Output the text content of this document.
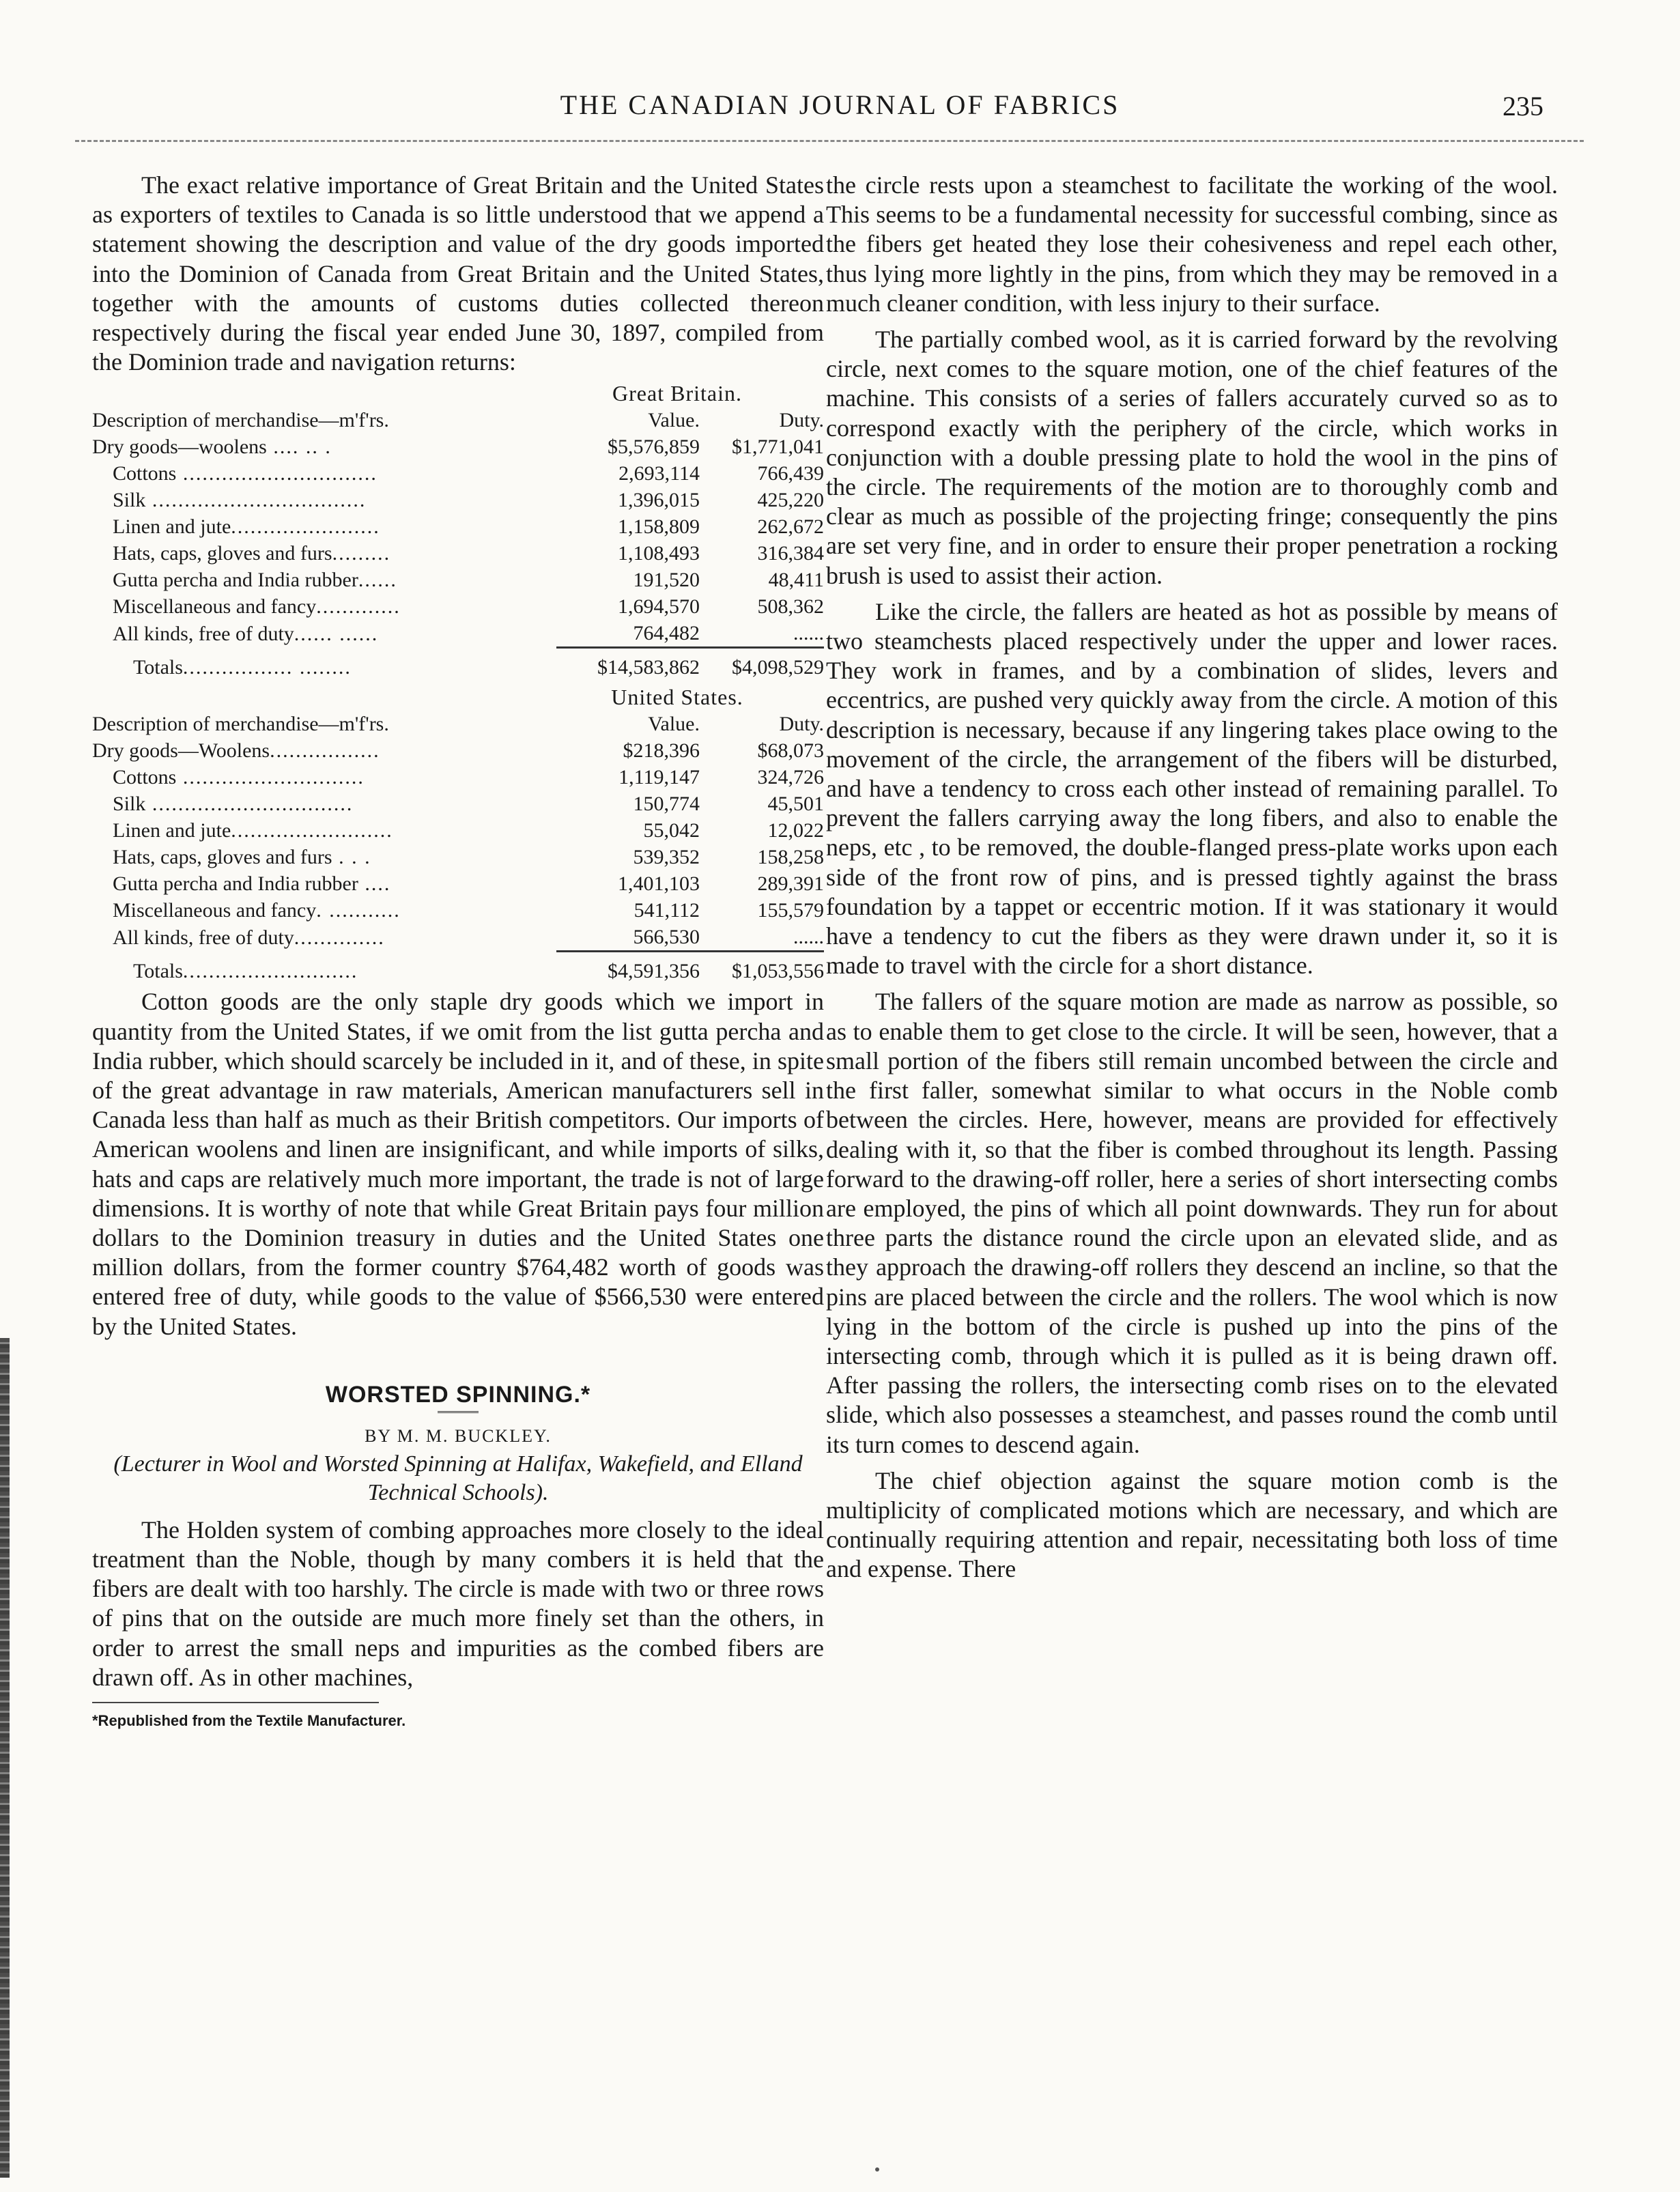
THE CANADIAN JOURNAL OF FABRICS	235

The exact relative importance of Great Britain and the United States as exporters of textiles to Canada is so little understood that we append a statement showing the description and value of the dry goods imported into the Dominion of Canada from Great Britain and the United States, together with the amounts of customs duties collected thereon respectively during the fiscal year ended June 30, 1897, compiled from the Dominion trade and navigation returns:

Great Britain.
Description of merchandise—m'f'rs.	Value.	Duty.
Dry goods—woolens .... .. .	$5,576,859	$1,771,041
Cottons ..............................	2,693,114	766,439
Silk .................................	1,396,015	425,220
Linen and jute.......................	1,158,809	262,672
Hats, caps, gloves and furs.........	1,108,493	316,384
Gutta percha and India rubber......	191,520	48,411
Miscellaneous and fancy.............	1,694,570	508,362
All kinds, free of duty...... ......	764,482	......
Totals................. ........	$14,583,862	$4,098,529
United States.
Description of merchandise—m'f'rs.	Value.	Duty.
Dry goods—Woolens.................	$218,396	$68,073
Cottons ............................	1,119,147	324,726
Silk ...............................	150,774	45,501
Linen and jute.........................	55,042	12,022
Hats, caps, gloves and furs . . .	539,352	158,258
Gutta percha and India rubber ....	1,401,103	289,391
Miscellaneous and fancy. ...........	541,112	155,579
All kinds, free of duty..............	566,530	......
Totals...........................	$4,591,356	$1,053,556

Cotton goods are the only staple dry goods which we import in quantity from the United States, if we omit from the list gutta percha and India rubber, which should scarcely be included in it, and of these, in spite of the great advantage in raw materials, American manufacturers sell in Canada less than half as much as their British competitors. Our imports of American woolens and linen are insignificant, and while imports of silks, hats and caps are relatively much more important, the trade is not of large dimensions. It is worthy of note that while Great Britain pays four million dollars to the Dominion treasury in duties and the United States one million dollars, from the former country $764,482 worth of goods was entered free of duty, while goods to the value of $566,530 were entered by the United States.

WORSTED SPINNING.*
BY M. M. BUCKLEY.
(Lecturer in Wool and Worsted Spinning at Halifax, Wakefield, and Elland Technical Schools).

The Holden system of combing approaches more closely to the ideal treatment than the Noble, though by many combers it is held that the fibers are dealt with too harshly. The circle is made with two or three rows of pins that on the outside are much more finely set than the others, in order to arrest the small neps and impurities as the combed fibers are drawn off. As in other machines,

*Republished from the Textile Manufacturer.

the circle rests upon a steamchest to facilitate the working of the wool. This seems to be a fundamental necessity for successful combing, since as the fibers get heated they lose their cohesiveness and repel each other, thus lying more lightly in the pins, from which they may be removed in a much cleaner condition, with less injury to their surface.

The partially combed wool, as it is carried forward by the revolving circle, next comes to the square motion, one of the chief features of the machine. This consists of a series of fallers accurately curved so as to correspond exactly with the periphery of the circle, which works in conjunction with a double pressing plate to hold the wool in the pins of the circle. The requirements of the motion are to thoroughly comb and clear as much as possible of the projecting fringe; consequently the pins are set very fine, and in order to ensure their proper penetration a rocking brush is used to assist their action.

Like the circle, the fallers are heated as hot as possible by means of two steamchests placed respectively under the upper and lower races. They work in frames, and by a combination of slides, levers and eccentrics, are pushed very quickly away from the circle. A motion of this description is necessary, because if any lingering takes place owing to the movement of the circle, the arrangement of the fibers will be disturbed, and have a tendency to cross each other instead of remaining parallel. To prevent the fallers carrying away the long fibers, and also to enable the neps, etc , to be removed, the double-flanged press-plate works upon each side of the front row of pins, and is pressed tightly against the brass foundation by a tappet or eccentric motion. If it was stationary it would have a tendency to cut the fibers as they were drawn under it, so it is made to travel with the circle for a short distance.

The fallers of the square motion are made as narrow as possible, so as to enable them to get close to the circle. It will be seen, however, that a small portion of the fibers still remain uncombed between the circle and the first faller, somewhat similar to what occurs in the Noble comb between the circles. Here, however, means are provided for effectively dealing with it, so that the fiber is combed throughout its length. Passing forward to the drawing-off roller, here a series of short intersecting combs are employed, the pins of which all point downwards. They run for about three parts the distance round the circle upon an elevated slide, and as they approach the drawing-off rollers they descend an incline, so that the pins are placed between the circle and the rollers. The wool which is now lying in the bottom of the circle is pushed up into the pins of the intersecting comb, through which it is pulled as it is being drawn off. After passing the rollers, the intersecting comb rises on to the elevated slide, which also possesses a steamchest, and passes round the comb until its turn comes to descend again.

The chief objection against the square motion comb is the multiplicity of complicated motions which are necessary, and which are continually requiring attention and repair, necessitating both loss of time and expense. There
